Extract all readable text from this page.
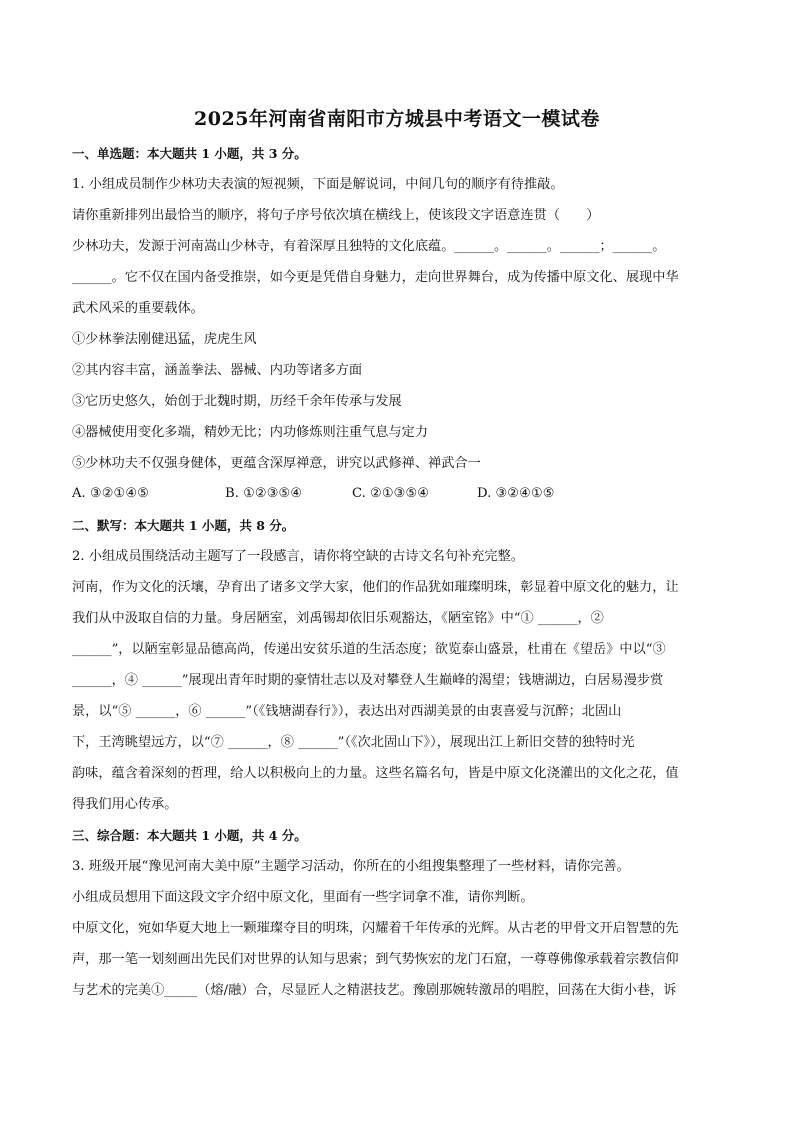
2025年河南省南阳市方城县中考语文一模试卷
一、单选题：本大题共 1 小题，共 3 分。
1. 小组成员制作少林功夫表演的短视频，下面是解说词，中间几句的顺序有待推敲。
请你重新排列出最恰当的顺序，将句子序号依次填在横线上，使该段文字语意连贯（　　）
少林功夫，发源于河南嵩山少林寺，有着深厚且独特的文化底蕴。______。______。______；______。
______。它不仅在国内备受推崇，如今更是凭借自身魅力，走向世界舞台，成为传播中原文化、展现中华
武术风采的重要载体。
①少林拳法刚健迅猛，虎虎生风
②其内容丰富，涵盖拳法、器械、内功等诸多方面
③它历史悠久，始创于北魏时期，历经千余年传承与发展
④器械使用变化多端，精妙无比；内功修炼则注重气息与定力
⑤少林功夫不仅强身健体，更蕴含深厚禅意，讲究以武修禅、禅武合一
A. ③②①④⑤	B. ①②③⑤④	C. ②①③⑤④	D. ③②④①⑤
二、默写：本大题共 1 小题，共 8 分。
2. 小组成员围绕活动主题写了一段感言，请你将空缺的古诗文名句补充完整。
河南，作为文化的沃壤，孕育出了诸多文学大家，他们的作品犹如璀璨明珠，彰显着中原文化的魅力，让
我们从中汲取自信的力量。身居陋室，刘禹锡却依旧乐观豁达，《陋室铭》中“① ______，②
______”，以陋室彰显品德高尚，传递出安贫乐道的生活态度；欲览泰山盛景，杜甫在《望岳》中以“③
______，④ ______”展现出青年时期的豪情壮志以及对攀登人生巅峰的渴望；钱塘湖边，白居易漫步赏
景，以“⑤ ______，⑥ ______”（《钱塘湖春行》），表达出对西湖美景的由衷喜爱与沉醉；北固山
下，王湾眺望远方，以“⑦ ______，⑧ ______”（《次北固山下》），展现出江上新旧交替的独特时光
韵味，蕴含着深刻的哲理，给人以积极向上的力量。这些名篇名句，皆是中原文化浇灌出的文化之花，值
得我们用心传承。
三、综合题：本大题共 1 小题，共 4 分。
3. 班级开展“豫见河南大美中原”主题学习活动，你所在的小组搜集整理了一些材料，请你完善。
小组成员想用下面这段文字介绍中原文化，里面有一些字词拿不准，请你判断。
中原文化，宛如华夏大地上一颗璀璨夺目的明珠，闪耀着千年传承的光辉。从古老的甲骨文开启智慧的先
声，那一笔一划刻画出先民们对世界的认知与思索；到气势恢宏的龙门石窟，一尊尊佛像承载着宗教信仰
与艺术的完美①_____（熔/融）合，尽显匠人之精湛技艺。豫剧那婉转激昂的唱腔，回荡在大街小巷，诉
